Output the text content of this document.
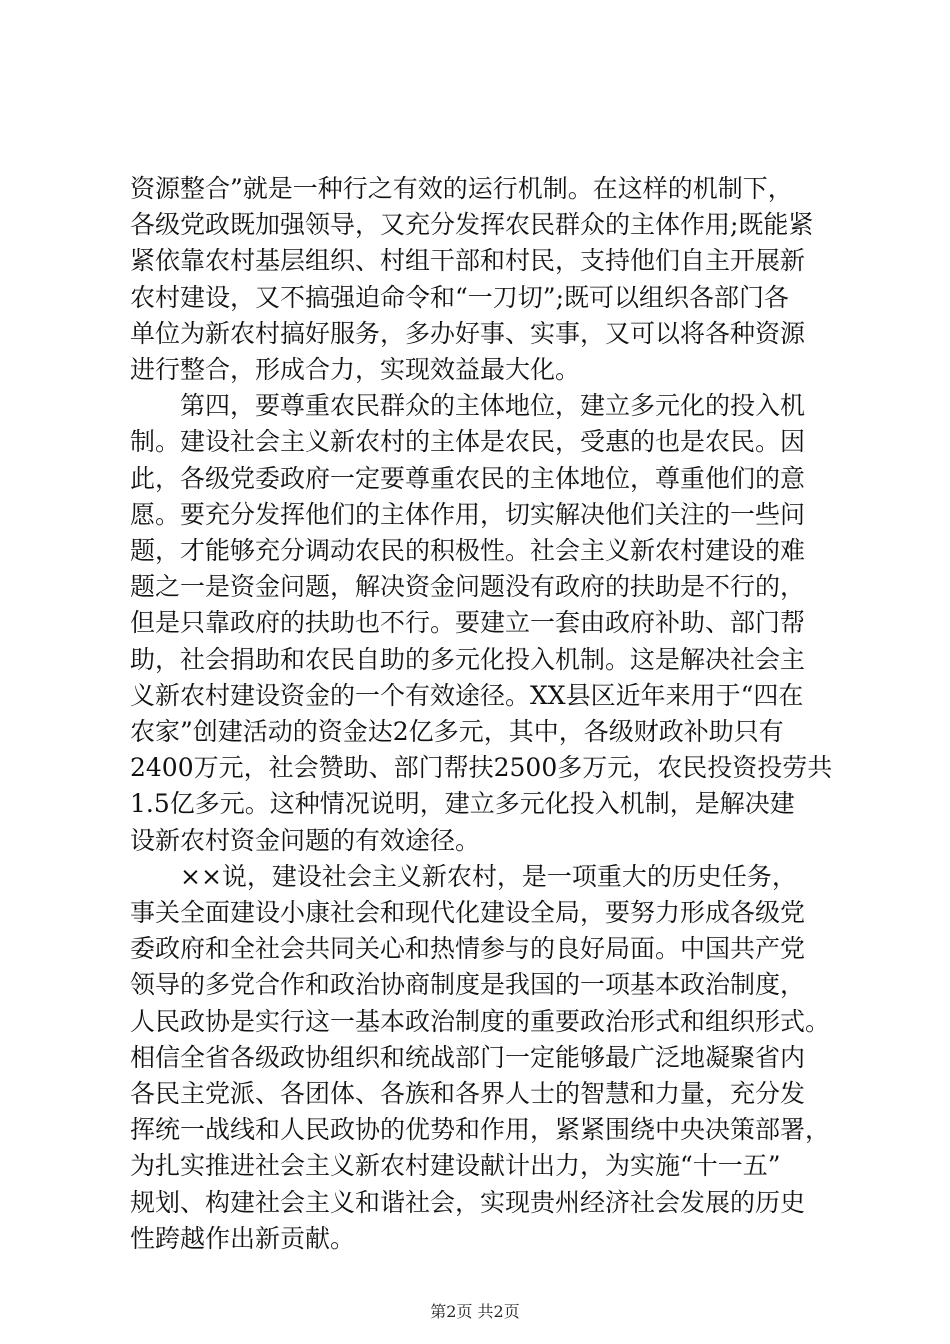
资源整合”就是一种行之有效的运行机制。在这样的机制下，
各级党政既加强领导，又充分发挥农民群众的主体作用;既能紧
紧依靠农村基层组织、村组干部和村民，支持他们自主开展新
农村建设，又不搞强迫命令和“一刀切”;既可以组织各部门各
单位为新农村搞好服务，多办好事、实事，又可以将各种资源
进行整合，形成合力，实现效益最大化。
　　第四，要尊重农民群众的主体地位，建立多元化的投入机
制。建设社会主义新农村的主体是农民，受惠的也是农民。因
此，各级党委政府一定要尊重农民的主体地位，尊重他们的意
愿。要充分发挥他们的主体作用，切实解决他们关注的一些问
题，才能够充分调动农民的积极性。社会主义新农村建设的难
题之一是资金问题，解决资金问题没有政府的扶助是不行的，
但是只靠政府的扶助也不行。要建立一套由政府补助、部门帮
助，社会捐助和农民自助的多元化投入机制。这是解决社会主
义新农村建设资金的一个有效途径。XX县区近年来用于“四在
农家”创建活动的资金达2亿多元，其中，各级财政补助只有
2400万元，社会赞助、部门帮扶2500多万元，农民投资投劳共
1.5亿多元。这种情况说明，建立多元化投入机制，是解决建
设新农村资金问题的有效途径。
　　××说，建设社会主义新农村，是一项重大的历史任务，
事关全面建设小康社会和现代化建设全局，要努力形成各级党
委政府和全社会共同关心和热情参与的良好局面。中国共产党
领导的多党合作和政治协商制度是我国的一项基本政治制度，
人民政协是实行这一基本政治制度的重要政治形式和组织形式。
相信全省各级政协组织和统战部门一定能够最广泛地凝聚省内
各民主党派、各团体、各族和各界人士的智慧和力量，充分发
挥统一战线和人民政协的优势和作用，紧紧围绕中央决策部署，
为扎实推进社会主义新农村建设献计出力，为实施“十一五”
规划、构建社会主义和谐社会，实现贵州经济社会发展的历史
性跨越作出新贡献。
第2页 共2页
